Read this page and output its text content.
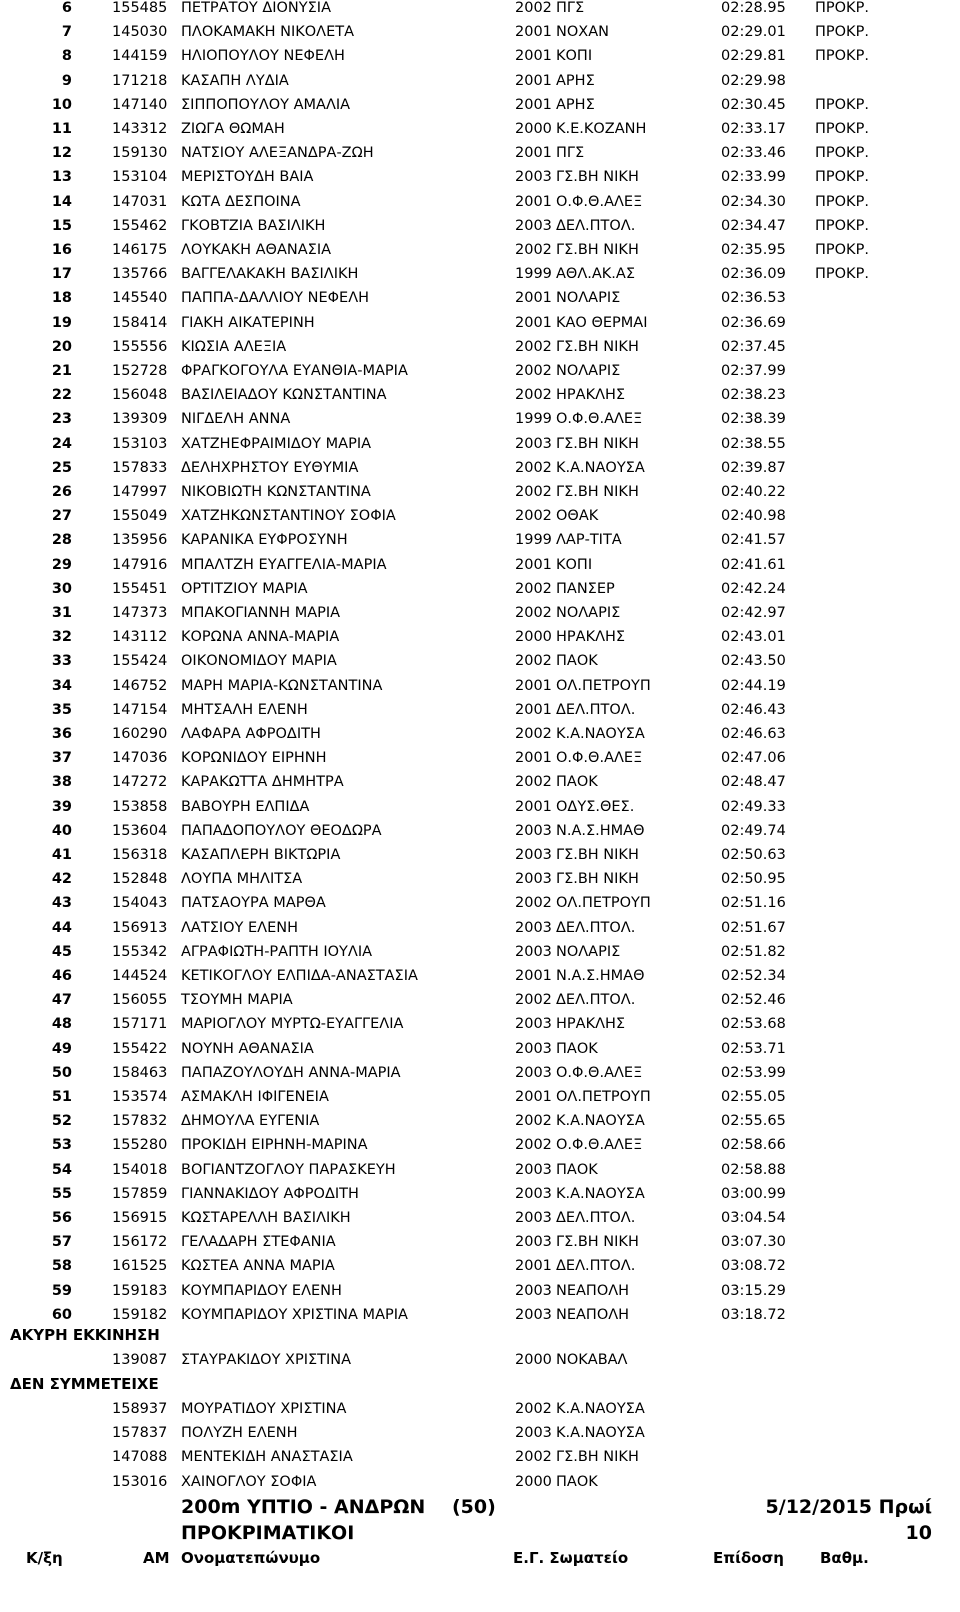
6	155485 ΠΕΤΡΑΤΟΥ ΔΙΟΝΥΣΙΑ	2002 ΠΓΣ	02:28.95 ΠΡΟΚΡ.
7	145030 ΠΛΟΚΑΜΑΚΗ ΝΙΚΟΛΕΤΑ	2001 ΝΟΧΑΝ	02:29.01 ΠΡΟΚΡ.
8	144159 ΗΛΙΟΠΟΥΛΟΥ ΝΕΦΕΛΗ	2001 ΚΟΠΙ	02:29.81 ΠΡΟΚΡ.
9	171218 ΚΑΣΑΠΗ ΛΥΔΙΑ	2001 ΑΡΗΣ	02:29.98
10	147140 ΣΙΠΠΟΠΟΥΛΟΥ ΑΜΑΛΙΑ	2001 ΑΡΗΣ	02:30.45 ΠΡΟΚΡ.
11	143312 ΖΙΩΓΑ ΘΩΜΑΗ	2000 Κ.Ε.ΚΟΖΑΝΗ	02:33.17 ΠΡΟΚΡ.
12	159130 ΝΑΤΣΙΟΥ ΑΛΕΞΑΝΔΡΑ-ΖΩΗ	2001 ΠΓΣ	02:33.46 ΠΡΟΚΡ.
13	153104 ΜΕΡΙΣΤΟΥΔΗ ΒΑΙΑ	2003 ΓΣ.ΒΗ ΝΙΚΗ	02:33.99 ΠΡΟΚΡ.
14	147031 ΚΩΤΑ ΔΕΣΠΟΙΝΑ	2001 Ο.Φ.Θ.ΑΛΕΞ	02:34.30 ΠΡΟΚΡ.
15	155462 ΓΚΟΒΤΖΙΑ ΒΑΣΙΛΙΚΗ	2003 ΔΕΛ.ΠΤΟΛ.	02:34.47 ΠΡΟΚΡ.
16	146175 ΛΟΥΚΑΚΗ ΑΘΑΝΑΣΙΑ	2002 ΓΣ.ΒΗ ΝΙΚΗ	02:35.95 ΠΡΟΚΡ.
17	135766 ΒΑΓΓΕΛΑΚΑΚΗ ΒΑΣΙΛΙΚΗ	1999 ΑΘΛ.ΑΚ.ΑΣ	02:36.09 ΠΡΟΚΡ.
18	145540 ΠΑΠΠΑ-ΔΑΛΛΙΟΥ ΝΕΦΕΛΗ	2001 ΝΟΛΑΡΙΣ	02:36.53
19	158414 ΓΙΑΚΗ ΑΙΚΑΤΕΡΙΝΗ	2001 ΚΑΟ ΘΕΡΜΑΙ	02:36.69
20	155556 ΚΙΩΣΙΑ ΑΛΕΞΙΑ	2002 ΓΣ.ΒΗ ΝΙΚΗ	02:37.45
21	152728 ΦΡΑΓΚΟΓΟΥΛΑ ΕΥΑΝΘΙΑ-ΜΑΡΙΑ	2002 ΝΟΛΑΡΙΣ	02:37.99
22	156048 ΒΑΣΙΛΕΙΑΔΟΥ ΚΩΝΣΤΑΝΤΙΝΑ	2002 ΗΡΑΚΛΗΣ	02:38.23
23	139309 ΝΙΓΔΕΛΗ ΑΝΝΑ	1999 Ο.Φ.Θ.ΑΛΕΞ	02:38.39
24	153103 ΧΑΤΖΗΕΦΡΑΙΜΙΔΟΥ ΜΑΡΙΑ	2003 ΓΣ.ΒΗ ΝΙΚΗ	02:38.55
25	157833 ΔΕΛΗΧΡΗΣΤΟΥ ΕΥΘΥΜΙΑ	2002 Κ.Α.ΝΑΟΥΣΑ	02:39.87
26	147997 ΝΙΚΟΒΙΩΤΗ ΚΩΝΣΤΑΝΤΙΝΑ	2002 ΓΣ.ΒΗ ΝΙΚΗ	02:40.22
27	155049 ΧΑΤΖΗΚΩΝΣΤΑΝΤΙΝΟΥ ΣΟΦΙΑ	2002 ΟΘΑΚ	02:40.98
28	135956 ΚΑΡΑΝΙΚΑ ΕΥΦΡΟΣΥΝΗ	1999 ΛΑΡ-ΤΙΤΑ	02:41.57
29	147916 ΜΠΑΛΤΖΗ ΕΥΑΓΓΕΛΙΑ-ΜΑΡΙΑ	2001 ΚΟΠΙ	02:41.61
30	155451 ΟΡΤΙΤΖΙΟΥ ΜΑΡΙΑ	2002 ΠΑΝΣΕΡ	02:42.24
31	147373 ΜΠΑΚΟΓΙΑΝΝΗ ΜΑΡΙΑ	2002 ΝΟΛΑΡΙΣ	02:42.97
32	143112 ΚΟΡΩΝΑ ΑΝΝΑ-ΜΑΡΙΑ	2000 ΗΡΑΚΛΗΣ	02:43.01
33	155424 ΟΙΚΟΝΟΜΙΔΟΥ ΜΑΡΙΑ	2002 ΠΑΟΚ	02:43.50
34	146752 ΜΑΡΗ ΜΑΡΙΑ-ΚΩΝΣΤΑΝΤΙΝΑ	2001 ΟΛ.ΠΕΤΡΟΥΠ	02:44.19
35	147154 ΜΗΤΣΑΛΗ ΕΛΕΝΗ	2001 ΔΕΛ.ΠΤΟΛ.	02:46.43
36	160290 ΛΑΦΑΡΑ ΑΦΡΟΔΙΤΗ	2002 Κ.Α.ΝΑΟΥΣΑ	02:46.63
37	147036 ΚΟΡΩΝΙΔΟΥ ΕΙΡΗΝΗ	2001 Ο.Φ.Θ.ΑΛΕΞ	02:47.06
38	147272 ΚΑΡΑΚΩΤΤΑ ΔΗΜΗΤΡΑ	2002 ΠΑΟΚ	02:48.47
39	153858 ΒΑΒΟΥΡΗ ΕΛΠΙΔΑ	2001 ΟΔΥΣ.ΘΕΣ.	02:49.33
40	153604 ΠΑΠΑΔΟΠΟΥΛΟΥ ΘΕΟΔΩΡΑ	2003 Ν.Α.Σ.ΗΜΑΘ	02:49.74
41	156318 ΚΑΣΑΠΛΕΡΗ ΒΙΚΤΩΡΙΑ	2003 ΓΣ.ΒΗ ΝΙΚΗ	02:50.63
42	152848 ΛΟΥΠΑ ΜΗΛΙΤΣΑ	2003 ΓΣ.ΒΗ ΝΙΚΗ	02:50.95
43	154043 ΠΑΤΣΑΟΥΡΑ ΜΑΡΘΑ	2002 ΟΛ.ΠΕΤΡΟΥΠ	02:51.16
44	156913 ΛΑΤΣΙΟΥ ΕΛΕΝΗ	2003 ΔΕΛ.ΠΤΟΛ.	02:51.67
45	155342 ΑΓΡΑΦΙΩΤΗ-ΡΑΠΤΗ ΙΟΥΛΙΑ	2003 ΝΟΛΑΡΙΣ	02:51.82
46	144524 ΚΕΤΙΚΟΓΛΟΥ ΕΛΠΙΔΑ-ΑΝΑΣΤΑΣΙΑ	2001 Ν.Α.Σ.ΗΜΑΘ	02:52.34
47	156055 ΤΣΟΥΜΗ ΜΑΡΙΑ	2002 ΔΕΛ.ΠΤΟΛ.	02:52.46
48	157171 ΜΑΡΙΟΓΛΟΥ ΜΥΡΤΩ-ΕΥΑΓΓΕΛΙΑ	2003 ΗΡΑΚΛΗΣ	02:53.68
49	155422 ΝΟΥΝΗ ΑΘΑΝΑΣΙΑ	2003 ΠΑΟΚ	02:53.71
50	158463 ΠΑΠΑΖΟΥΛΟΥΔΗ ΑΝΝΑ-ΜΑΡΙΑ	2003 Ο.Φ.Θ.ΑΛΕΞ	02:53.99
51	153574 ΑΣΜΑΚΛΗ ΙΦΙΓΕΝΕΙΑ	2001 ΟΛ.ΠΕΤΡΟΥΠ	02:55.05
52	157832 ΔΗΜΟΥΛΑ ΕΥΓΕΝΙΑ	2002 Κ.Α.ΝΑΟΥΣΑ	02:55.65
53	155280 ΠΡΟΚΙΔΗ ΕΙΡΗΝΗ-ΜΑΡΙΝΑ	2002 Ο.Φ.Θ.ΑΛΕΞ	02:58.66
54	154018 ΒΟΓΙΑΝΤΖΟΓΛΟΥ ΠΑΡΑΣΚΕΥΗ	2003 ΠΑΟΚ	02:58.88
55	157859 ΓΙΑΝΝΑΚΙΔΟΥ ΑΦΡΟΔΙΤΗ	2003 Κ.Α.ΝΑΟΥΣΑ	03:00.99
56	156915 ΚΩΣΤΑΡΕΛΛΗ ΒΑΣΙΛΙΚΗ	2003 ΔΕΛ.ΠΤΟΛ.	03:04.54
57	156172 ΓΕΛΑΔΑΡΗ ΣΤΕΦΑΝΙΑ	2003 ΓΣ.ΒΗ ΝΙΚΗ	03:07.30
58	161525 ΚΩΣΤΕΑ ΑΝΝΑ ΜΑΡΙΑ	2001 ΔΕΛ.ΠΤΟΛ.	03:08.72
59	159183 ΚΟΥΜΠΑΡΙΔΟΥ ΕΛΕΝΗ	2003 ΝΕΑΠΟΛΗ	03:15.29
60	159182 ΚΟΥΜΠΑΡΙΔΟΥ ΧΡΙΣΤΙΝΑ ΜΑΡΙΑ	2003 ΝΕΑΠΟΛΗ	03:18.72
ΑΚΥΡΗ ΕΚΚΙΝΗΣΗ
139087 ΣΤΑΥΡΑΚΙΔΟΥ ΧΡΙΣΤΙΝΑ	2000 ΝΟΚΑΒΑΛ
ΔΕΝ ΣΥΜΜΕΤΕΙΧΕ
158937 ΜΟΥΡΑΤΙΔΟΥ ΧΡΙΣΤΙΝΑ	2002 Κ.Α.ΝΑΟΥΣΑ
157837 ΠΟΛΥΖΗ ΕΛΕΝΗ	2003 Κ.Α.ΝΑΟΥΣΑ
147088 ΜΕΝΤΕΚΙΔΗ ΑΝΑΣΤΑΣΙΑ	2002 ΓΣ.ΒΗ ΝΙΚΗ
153016 ΧΑΙΝΟΓΛΟΥ ΣΟΦΙΑ	2000 ΠΑΟΚ
200m ΥΠΤΙΟ - ΑΝΔΡΩΝ (50)
ΠΡΟΚΡΙΜΑΤΙΚΟΙ
5/12/2015 Πρωί
10
Κ/ξη	ΑΜ Ονοματεπώνυμο	Ε.Γ. Σωματείο	Επίδοση Βαθμ.
